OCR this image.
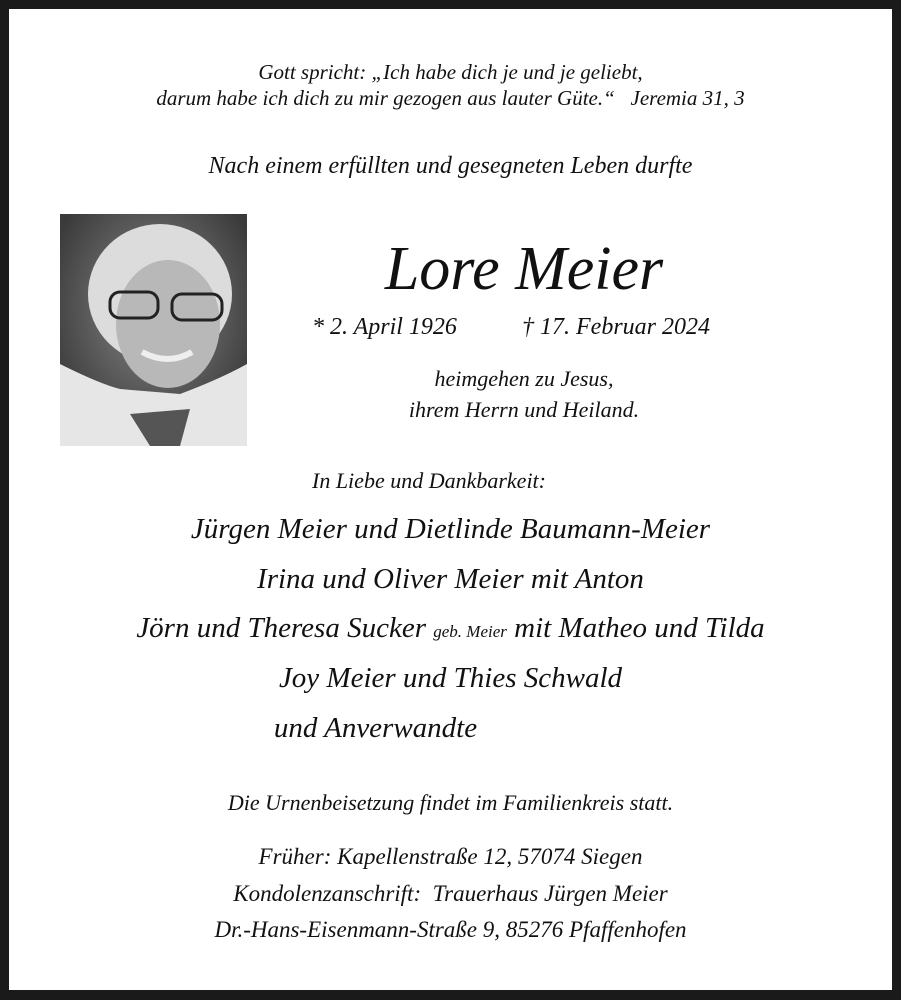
Gott spricht: „Ich habe dich je und je geliebt,
darum habe ich dich zu mir gezogen aus lauter Güte.“   Jeremia 31, 3
Nach einem erfüllten und gesegneten Leben durfte
Lore Meier
* 2. April 1926	† 17. Februar 2024
heimgehen zu Jesus,
ihrem Herrn und Heiland.
In Liebe und Dankbarkeit:
Jürgen Meier und Dietlinde Baumann-Meier
Irina und Oliver Meier mit Anton
Jörn und Theresa Sucker geb. Meier mit Matheo und Tilda
Joy Meier und Thies Schwald
und Anverwandte
Die Urnenbeisetzung findet im Familienkreis statt.
Früher: Kapellenstraße 12, 57074 Siegen
Kondolenzanschrift:  Trauerhaus Jürgen Meier
Dr.-Hans-Eisenmann-Straße 9, 85276 Pfaffenhofen
